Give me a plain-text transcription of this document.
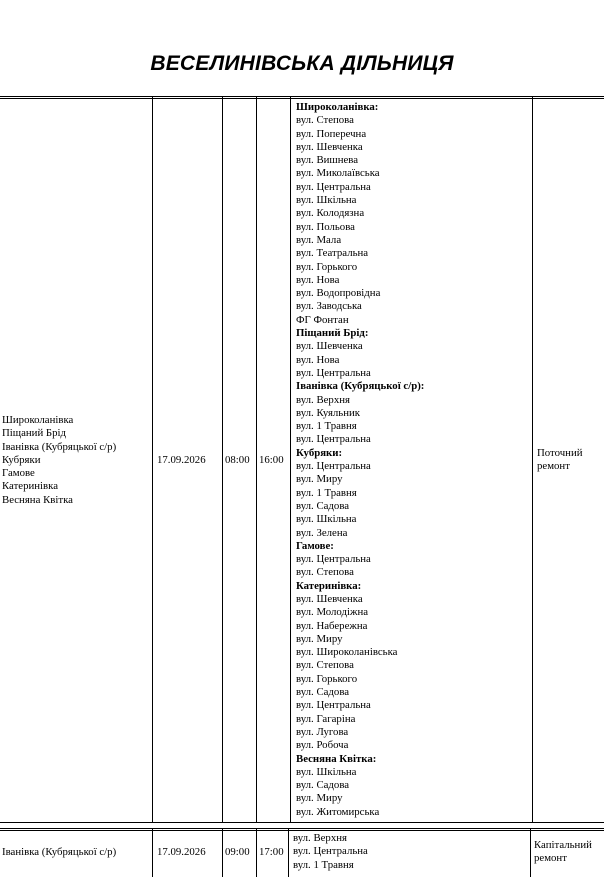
ВЕСЕЛИНІВСЬКА ДІЛЬНИЦЯ
Широколанівка
Піщаний Брід
Іванівка (Кубряцької с/р)
Кубряки
Гамове
Катеринівка
Весняна Квітка
17.09.2026 08:00 16:00
Широколанівка:
вул. Степова
вул. Поперечна
вул. Шевченка
вул. Вишнева
вул. Миколаївська
вул. Центральна
вул. Шкільна
вул. Колодязна
вул. Польова
вул. Мала
вул. Театральна
вул. Горького
вул. Нова
вул. Водопровідна
вул. Заводська
ФГ Фонтан
Піщаний Брід:
вул. Шевченка
вул. Нова
вул. Центральна
Іванівка (Кубряцької с/р):
вул. Верхня
вул. Куяльник
вул. 1 Травня
вул. Центральна
Кубряки:
вул. Центральна
вул. Миру
вул. 1 Травня
вул. Садова
вул. Шкільна
вул. Зелена
Гамове:
вул. Центральна
вул. Степова
Катеринівка:
вул. Шевченка
вул. Молодіжна
вул. Набережна
вул. Миру
вул. Широколанівська
вул. Степова
вул. Горького
вул. Садова
вул. Центральна
вул. Гагаріна
вул. Лугова
вул. Робоча
Весняна Квітка:
вул. Шкільна
вул. Садова
вул. Миру
вул. Житомирська
Поточний
ремонт
Іванівка (Кубряцької с/р)	17.09.2026 09:00 17:00
вул. Верхня
вул. Центральна
вул. 1 Травня
Капітальний
ремонт
